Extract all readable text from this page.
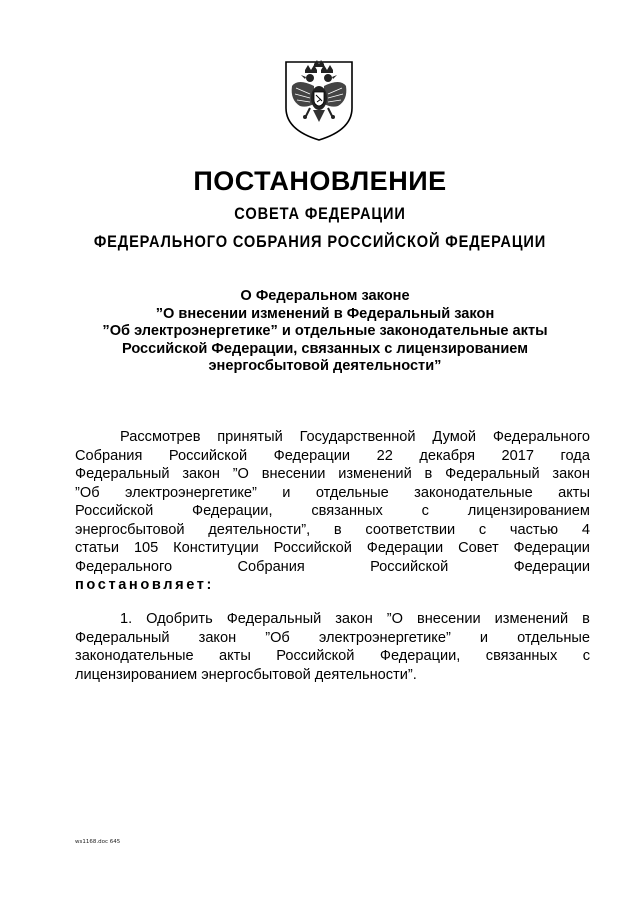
ПОСТАНОВЛЕНИЕ
СОВЕТА ФЕДЕРАЦИИ
ФЕДЕРАЛЬНОГО СОБРАНИЯ РОССИЙСКОЙ ФЕДЕРАЦИИ
О Федеральном законе
”О внесении изменений в Федеральный закон
”Об электроэнергетике” и отдельные законодательные акты
Российской Федерации, связанных с лицензированием
энергосбытовой деятельности”
Рассмотрев принятый Государственной Думой Федерального
Собрания Российской Федерации 22 декабря 2017 года
Федеральный закон ”О внесении изменений в Федеральный закон
”Об электроэнергетике” и отдельные законодательные акты
Российской	Федерации,	связанных	с	лицензированием
энергосбытовой деятельности”, в соответствии с частью 4
статьи 105 Конституции Российской Федерации Совет Федерации
Федерального	Собрания	Российской	Федерации
постановляет:
1. Одобрить Федеральный закон ”О внесении изменений в
Федеральный закон ”Об электроэнергетике” и отдельные
законодательные акты Российской Федерации, связанных с
лицензированием энергосбытовой деятельности”.
ws1168.doc 645
